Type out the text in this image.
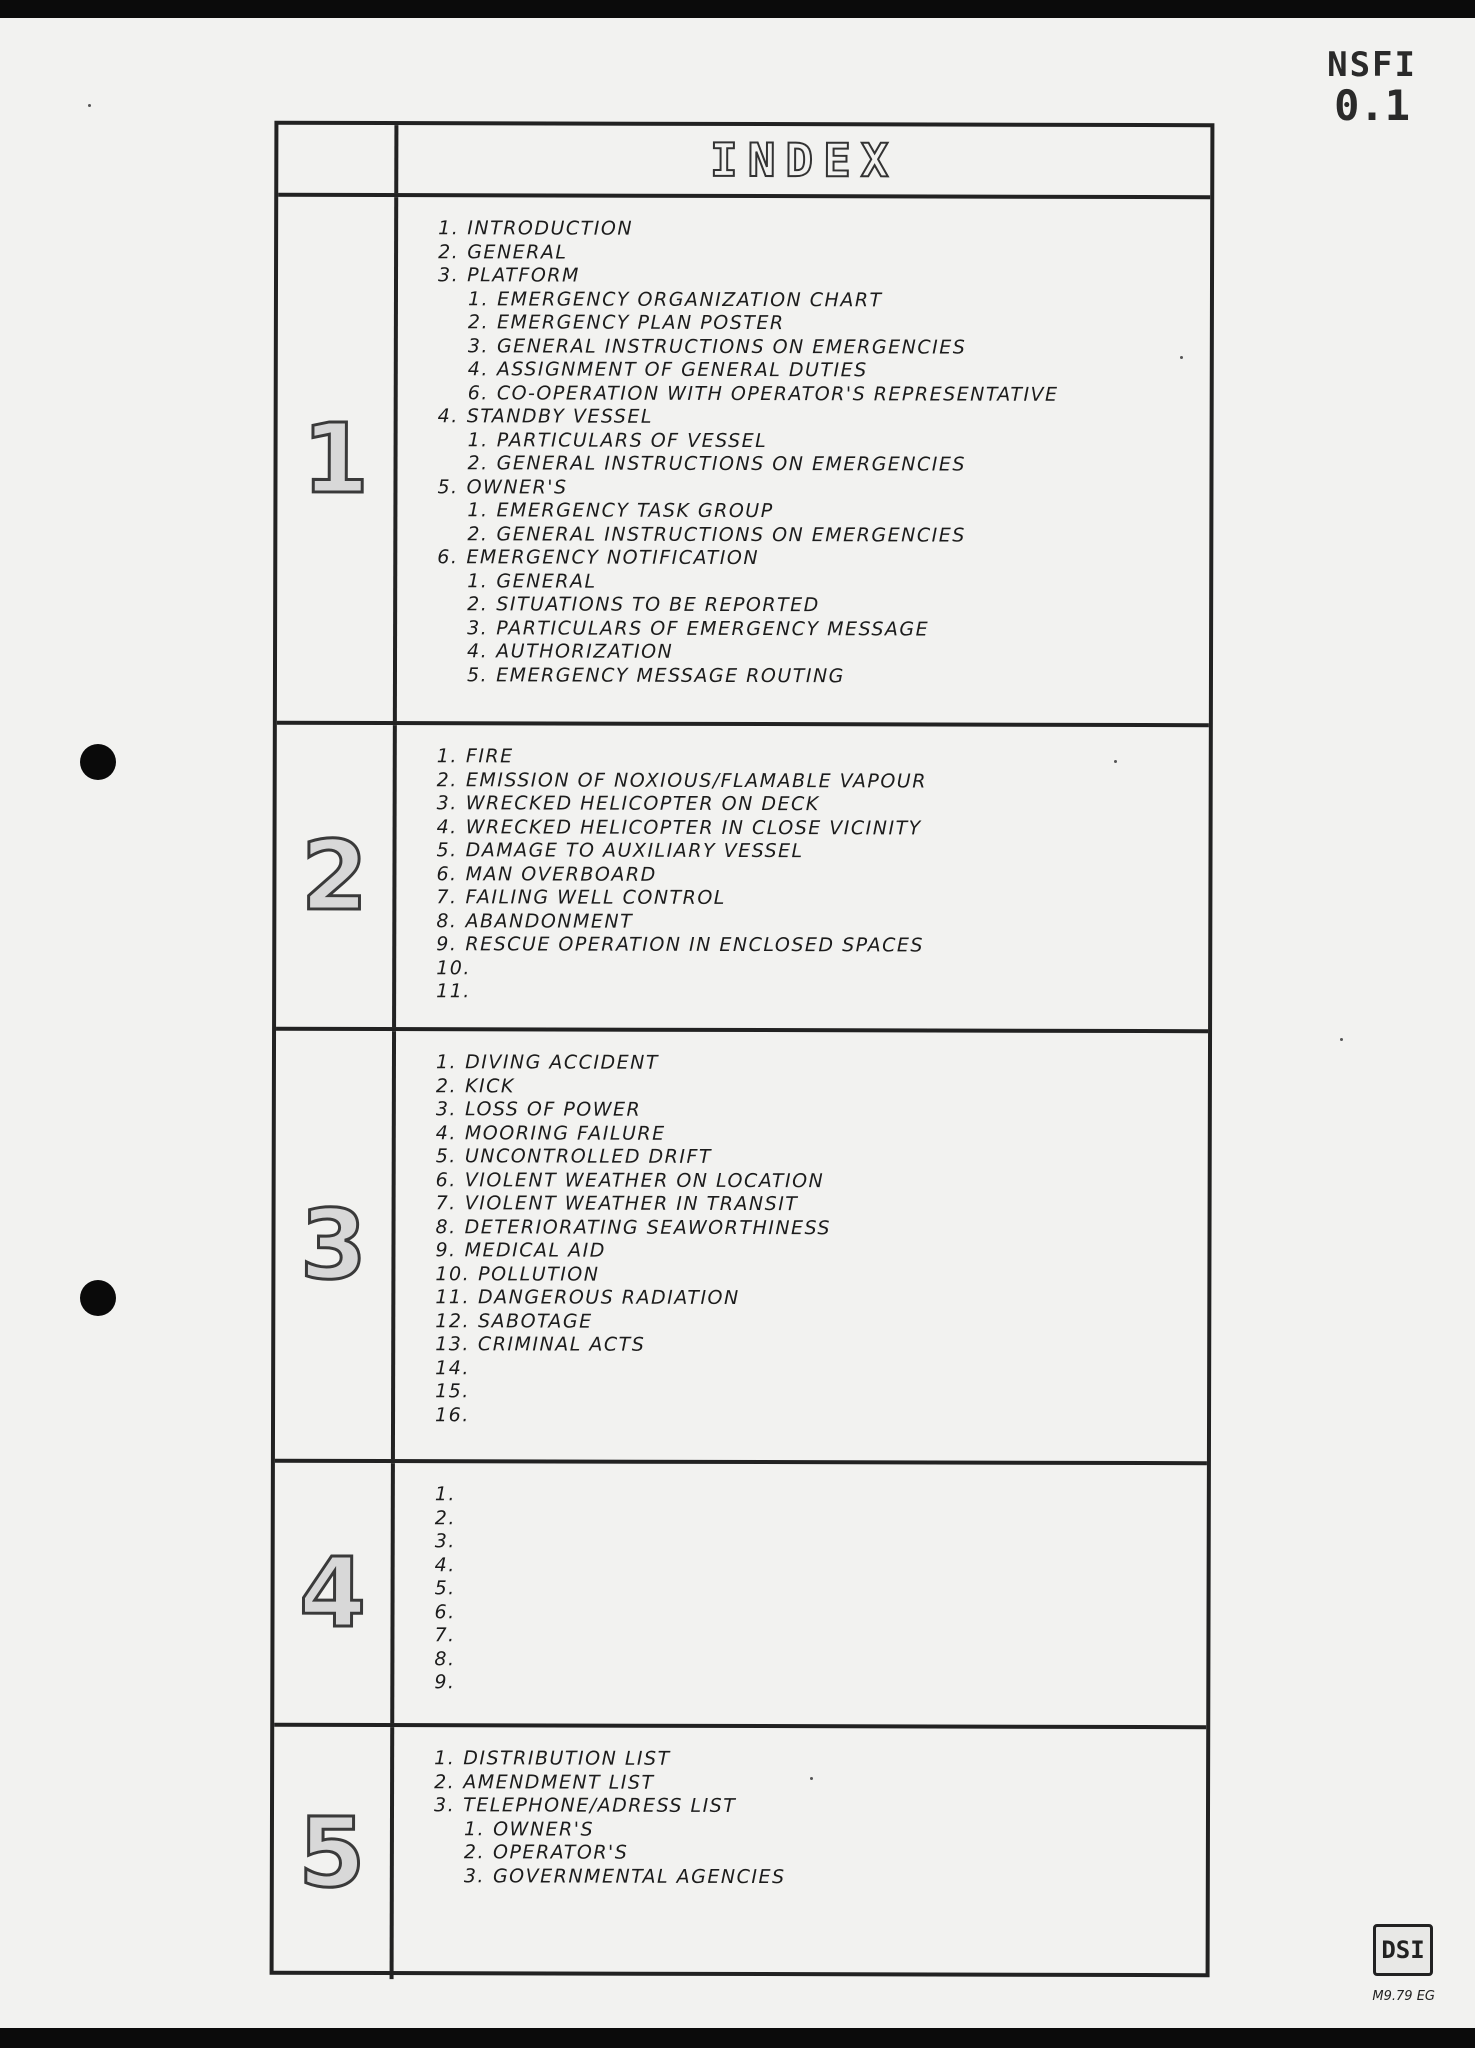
NSFI
0.1
INDEX
1
1. INTRODUCTION
2. GENERAL
3. PLATFORM
1. EMERGENCY ORGANIZATION CHART
2. EMERGENCY PLAN POSTER
3. GENERAL INSTRUCTIONS ON EMERGENCIES
4. ASSIGNMENT OF GENERAL DUTIES
6. CO-OPERATION WITH OPERATOR'S REPRESENTATIVE
4. STANDBY VESSEL
1. PARTICULARS OF VESSEL
2. GENERAL INSTRUCTIONS ON EMERGENCIES
5. OWNER'S
1. EMERGENCY TASK GROUP
2. GENERAL INSTRUCTIONS ON EMERGENCIES
6. EMERGENCY NOTIFICATION
1. GENERAL
2. SITUATIONS TO BE REPORTED
3. PARTICULARS OF EMERGENCY MESSAGE
4. AUTHORIZATION
5. EMERGENCY MESSAGE ROUTING
2
1. FIRE
2. EMISSION OF NOXIOUS/FLAMABLE VAPOUR
3. WRECKED HELICOPTER ON DECK
4. WRECKED HELICOPTER IN CLOSE VICINITY
5. DAMAGE TO AUXILIARY VESSEL
6. MAN OVERBOARD
7. FAILING WELL CONTROL
8. ABANDONMENT
9. RESCUE OPERATION IN ENCLOSED SPACES
10.
11.
3
1. DIVING ACCIDENT
2. KICK
3. LOSS OF POWER
4. MOORING FAILURE
5. UNCONTROLLED DRIFT
6. VIOLENT WEATHER ON LOCATION
7. VIOLENT WEATHER IN TRANSIT
8. DETERIORATING SEAWORTHINESS
9. MEDICAL AID
10. POLLUTION
11. DANGEROUS RADIATION
12. SABOTAGE
13. CRIMINAL ACTS
14.
15.
16.
4
1.
2.
3.
4.
5.
6.
7.
8.
9.
5
1. DISTRIBUTION LIST
2. AMENDMENT LIST
3. TELEPHONE/ADRESS LIST
1. OWNER'S
2. OPERATOR'S
3. GOVERNMENTAL AGENCIES
DSI
M9.79 EG
